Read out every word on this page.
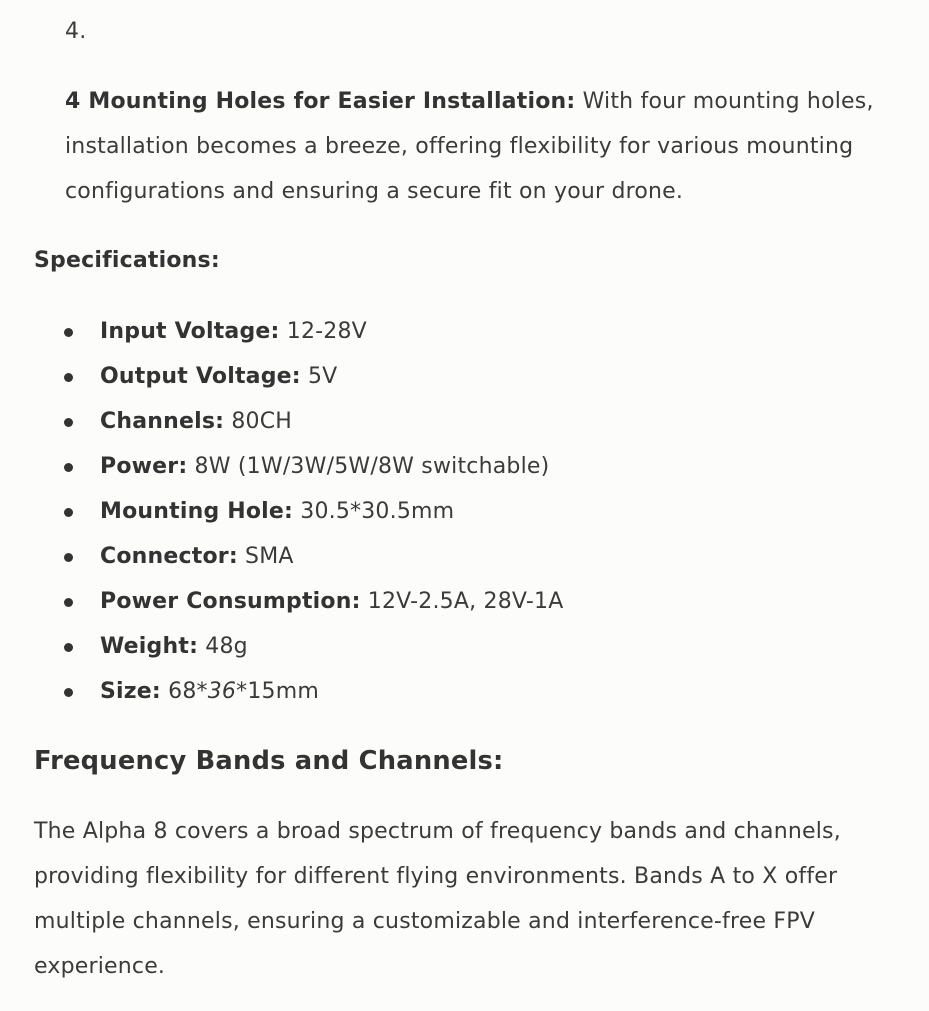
4.

4 Mounting Holes for Easier Installation: With four mounting holes, installation becomes a breeze, offering flexibility for various mounting configurations and ensuring a secure fit on your drone.

Specifications:
Input Voltage: 12-28V
Output Voltage: 5V
Channels: 80CH
Power: 8W (1W/3W/5W/8W switchable)
Mounting Hole: 30.5*30.5mm
Connector: SMA
Power Consumption: 12V-2.5A, 28V-1A
Weight: 48g
Size: 68*36*15mm
Frequency Bands and Channels:

The Alpha 8 covers a broad spectrum of frequency bands and channels, providing flexibility for different flying environments. Bands A to X offer multiple channels, ensuring a customizable and interference-free FPV experience.
